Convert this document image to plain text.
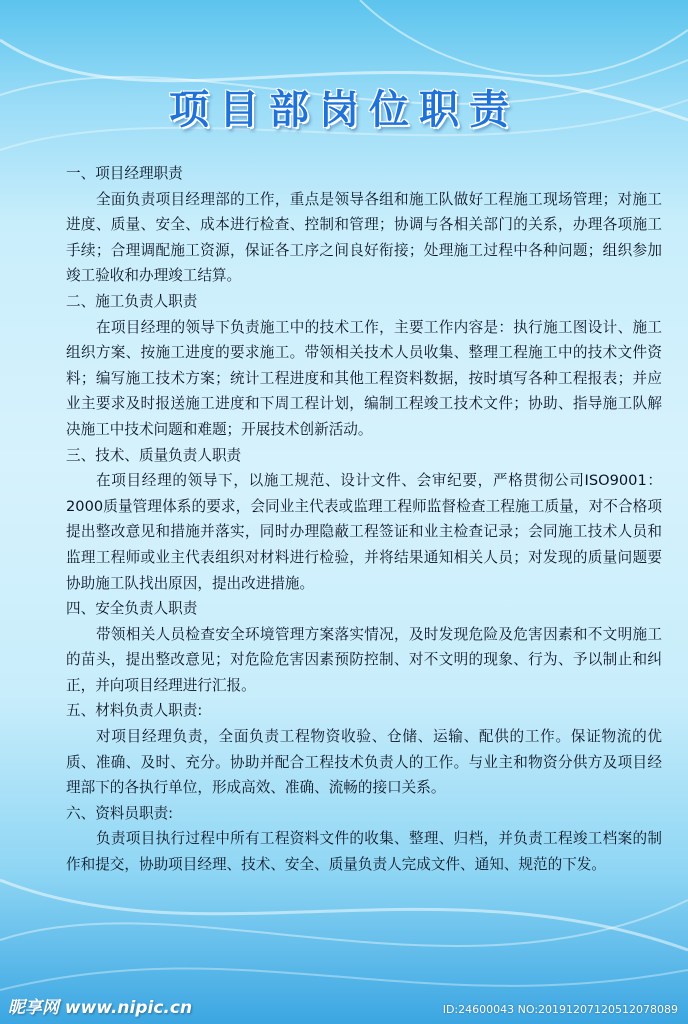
项目部岗位职责

一、项目经理职责

全面负责项目经理部的工作，重点是领导各组和施工队做好工程施工现场管理；对施工进度、质量、安全、成本进行检查、控制和管理；协调与各相关部门的关系，办理各项施工手续；合理调配施工资源，保证各工序之间良好衔接；处理施工过程中各种问题；组织参加竣工验收和办理竣工结算。

二、施工负责人职责

在项目经理的领导下负责施工中的技术工作，主要工作内容是：执行施工图设计、施工组织方案、按施工进度的要求施工。带领相关技术人员收集、整理工程施工中的技术文件资料；编写施工技术方案；统计工程进度和其他工程资料数据，按时填写各种工程报表；并应业主要求及时报送施工进度和下周工程计划，编制工程竣工技术文件；协助、指导施工队解决施工中技术问题和难题；开展技术创新活动。

三、技术、质量负责人职责

在项目经理的领导下，以施工规范、设计文件、会审纪要，严格贯彻公司ISO9001：2000质量管理体系的要求，会同业主代表或监理工程师监督检查工程施工质量，对不合格项提出整改意见和措施并落实，同时办理隐蔽工程签证和业主检查记录；会同施工技术人员和监理工程师或业主代表组织对材料进行检验，并将结果通知相关人员；对发现的质量问题要协助施工队找出原因，提出改进措施。

四、安全负责人职责

带领相关人员检查安全环境管理方案落实情况，及时发现危险及危害因素和不文明施工的苗头，提出整改意见；对危险危害因素预防控制、对不文明的现象、行为、予以制止和纠正，并向项目经理进行汇报。

五、材料负责人职责:

对项目经理负责，全面负责工程物资收验、仓储、运输、配供的工作。保证物流的优质、准确、及时、充分。协助并配合工程技术负责人的工作。与业主和物资分供方及项目经理部下的各执行单位，形成高效、准确、流畅的接口关系。

六、资料员职责:

负责项目执行过程中所有工程资料文件的收集、整理、归档，并负责工程竣工档案的制作和提交，协助项目经理、技术、安全、质量负责人完成文件、通知、规范的下发。

昵享网 www.nipic.cn	ID:24600043 NO:20191207120512078089
